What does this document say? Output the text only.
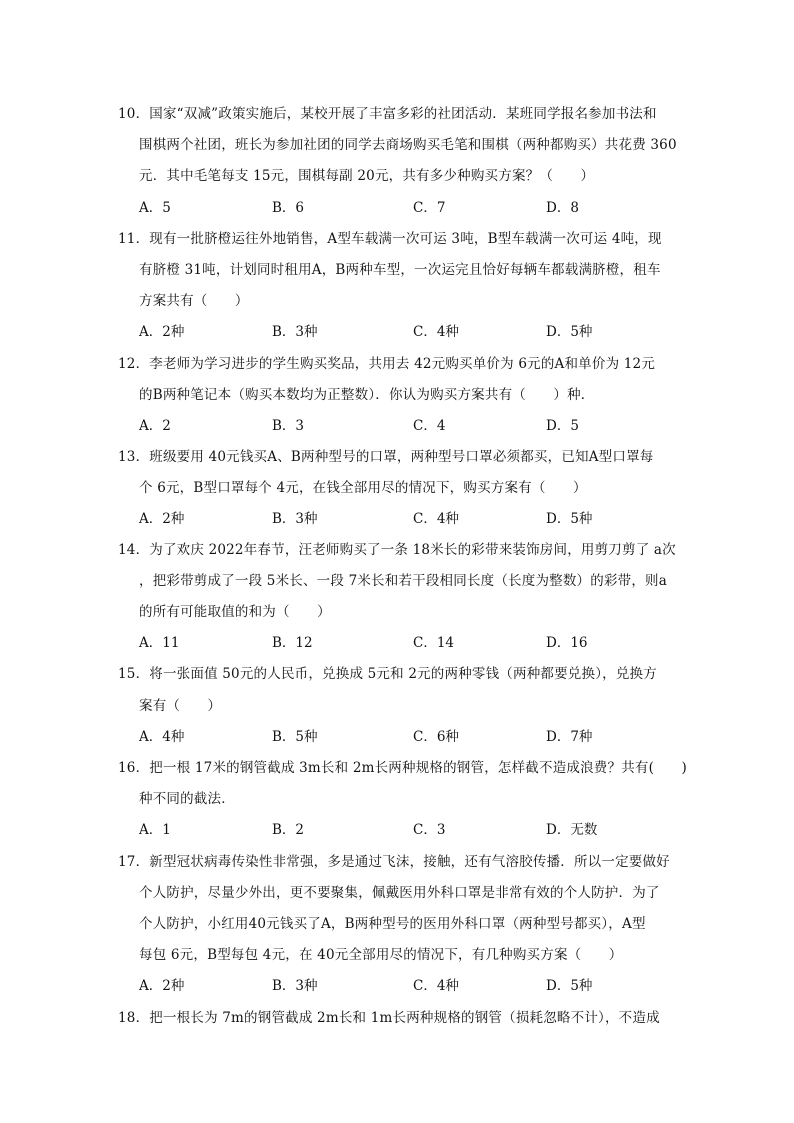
10．国家“双减”政策实施后，某校开展了丰富多彩的社团活动．某班同学报名参加书法和
围棋两个社团，班长为参加社团的同学去商场购买毛笔和围棋（两种都购买）共花费 360
元．其中毛笔每支 15元，围棋每副 20元，共有多少种购买方案？（　　）
A．5	B．6	C．7	D．8
11．现有一批脐橙运往外地销售，A型车载满一次可运 3吨，B型车载满一次可运 4吨，现
有脐橙 31吨，计划同时租用A，B两种车型，一次运完且恰好每辆车都载满脐橙，租车
方案共有（　　）
A．2种	B．3种	C．4种	D．5种
12．李老师为学习进步的学生购买奖品，共用去 42元购买单价为 6元的A和单价为 12元
的B两种笔记本（购买本数均为正整数）．你认为购买方案共有（　　）种．
A．2	B．3	C．4	D．5
13．班级要用 40元钱买A、B两种型号的口罩，两种型号口罩必须都买，已知A型口罩每
个 6元，B型口罩每个 4元，在钱全部用尽的情况下，购买方案有（　　）
A．2种	B．3种	C．4种	D．5种
14．为了欢庆 2022年春节，汪老师购买了一条 18米长的彩带来装饰房间，用剪刀剪了 a次
，把彩带剪成了一段 5米长、一段 7米长和若干段相同长度（长度为整数）的彩带，则a
的所有可能取值的和为（　　）
A．11	B．12	C．14	D．16
15．将一张面值 50元的人民币，兑换成 5元和 2元的两种零钱（两种都要兑换），兑换方
案有（　　）
A．4种	B．5种	C．6种	D．7种
16．把一根 17米的钢管截成 3m长和 2m长两种规格的钢管，怎样截不造成浪费？共有(　　)
种不同的截法．
A．1	B．2	C．3	D．无数
17．新型冠状病毒传染性非常强，多是通过飞沫，接触，还有气溶胶传播．所以一定要做好
个人防护，尽量少外出，更不要聚集，佩戴医用外科口罩是非常有效的个人防护．为了
个人防护，小红用40元钱买了A，B两种型号的医用外科口罩（两种型号都买），A型
每包 6元，B型每包 4元，在 40元全部用尽的情况下，有几种购买方案（　　）
A．2种	B．3种	C．4种	D．5种
18．把一根长为 7m的钢管截成 2m长和 1m长两种规格的钢管（损耗忽略不计），不造成
